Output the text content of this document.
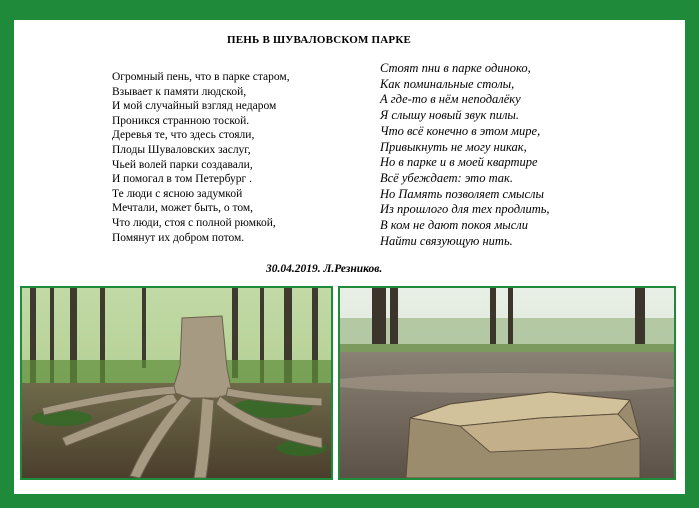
ПЕНЬ В ШУВАЛОВСКОМ ПАРКЕ
Огромный пень, что в парке старом,
Взывает к памяти людской,
И мой случайный взгляд недаром
Проникся странною тоской.
Деревья те, что здесь стояли,
Плоды Шуваловских заслуг,
Чьей волей парки создавали,
И помогал в том Петербург .
Те люди с ясною задумкой
Мечтали, может быть, о том,
Что люди, стоя с полной рюмкой,
Помянут их добром потом.
Стоят пни в парке одиноко,
Как поминальные столы,
А где-то в нём неподалёку
Я слышу новый звук пилы.
Что всё конечно в этом мире,
Привыкнуть не могу никак,
Но в парке и в моей квартире
Всё убеждает: это так.
Но Память позволяет смыслы
Из прошлого для тех продлить,
В ком не дают покоя мысли
Найти связующую нить.
30.04.2019. Л.Резников.
